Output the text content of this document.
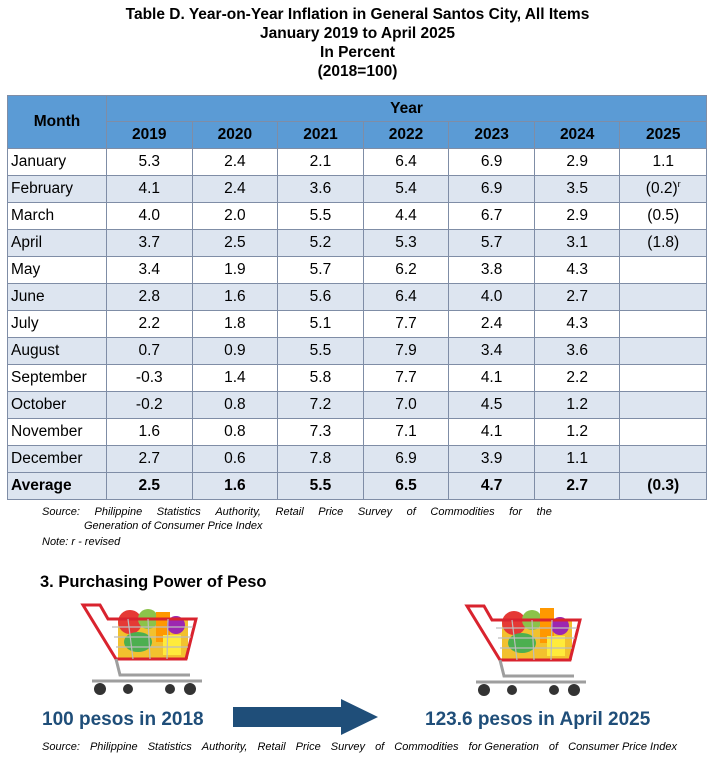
Table D. Year-on-Year Inflation in General Santos City, All Items
January 2019 to April 2025
In Percent
(2018=100)
Month	Year						
	2019	2020	2021	2022	2023	2024	2025
January	5.3	2.4	2.1	6.4	6.9	2.9	1.1
February	4.1	2.4	3.6	5.4	6.9	3.5	$(0.2)^r$
March	4.0	2.0	5.5	4.4	6.7	2.9	(0.5)
April	3.7	2.5	5.2	5.3	5.7	3.1	(1.8)
May	3.4	1.9	5.7	6.2	3.8	4.3	
June	2.8	1.6	5.6	6.4	4.0	2.7	
July	2.2	1.8	5.1	7.7	2.4	4.3	
August	0.7	0.9	5.5	7.9	3.4	3.6	
September	-0.3	1.4	5.8	7.7	4.1	2.2	
October	-0.2	0.8	7.2	7.0	4.5	1.2	
November	1.6	0.8	7.3	7.1	4.1	1.2	
December	2.7	0.6	7.8	6.9	3.9	1.1	
Average	2.5	1.6	5.5	6.5	4.7	2.7	(0.3)
Source: Philippine Statistics Authority, Retail Price Survey of Commodities for the
Generation of Consumer Price Index
Note: r - revised
3. Purchasing Power of Peso
100 pesos in 2018	123.6 pesos in April 2025
Source: Philippine Statistics Authority, Retail Price Survey of Commodities for Generation of Consumer Price Index
